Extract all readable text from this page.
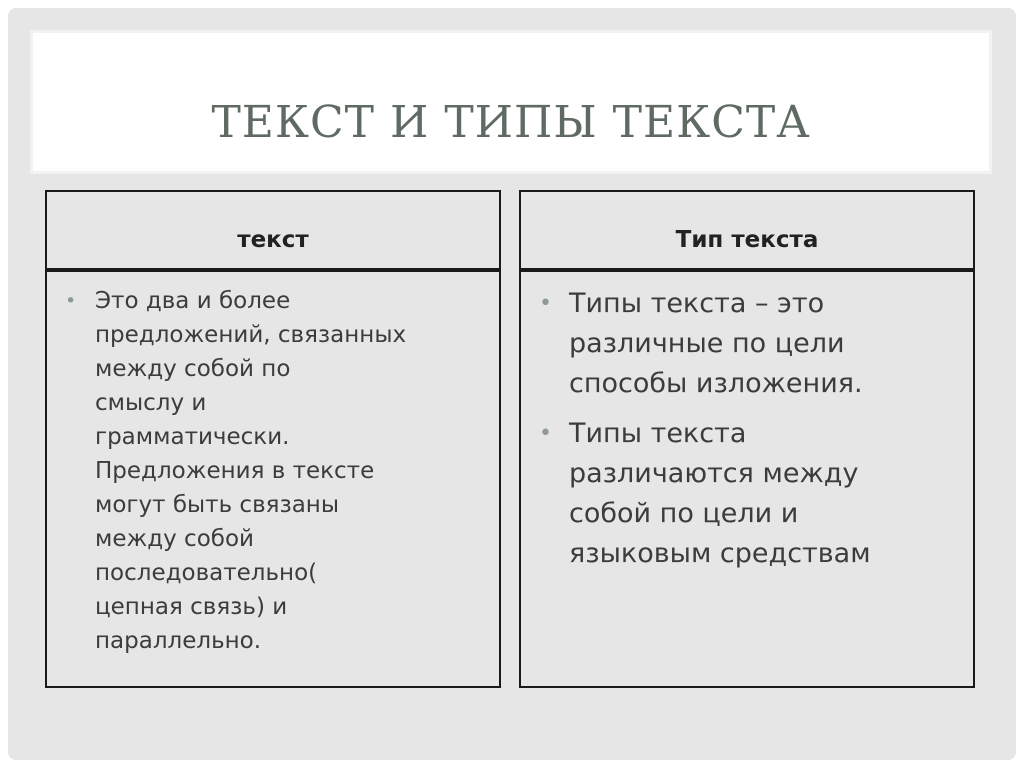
ТЕКСТ И ТИПЫ ТЕКСТА
текст	Тип текста
• Это два и более
предложений, связанных
между собой по
смыслу и
грамматически.
Предложения в тексте
могут быть связаны
между собой
последовательно(
цепная связь) и
параллельно.
• Типы текста – это
различные по цели
способы изложения.
• Типы текста
различаются между
собой по цели и
языковым средствам
